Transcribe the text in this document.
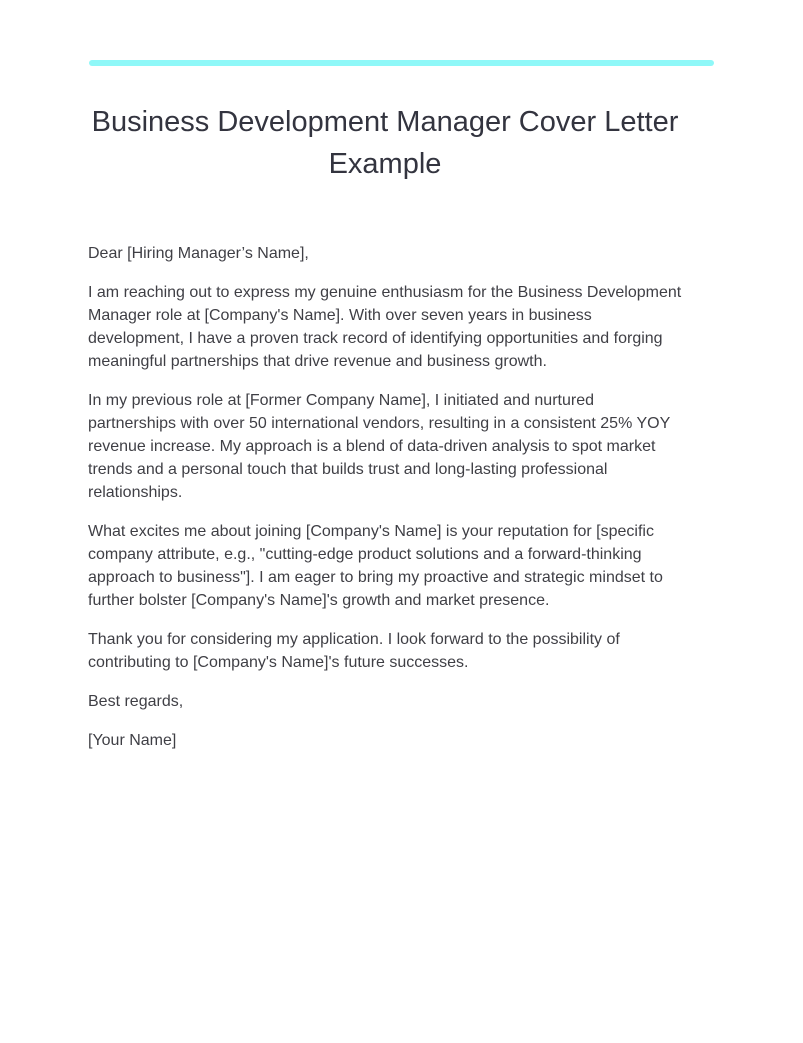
Business Development Manager Cover Letter
Example

Dear [Hiring Manager’s Name],

I am reaching out to express my genuine enthusiasm for the Business Development
Manager role at [Company's Name]. With over seven years in business
development, I have a proven track record of identifying opportunities and forging
meaningful partnerships that drive revenue and business growth.

In my previous role at [Former Company Name], I initiated and nurtured
partnerships with over 50 international vendors, resulting in a consistent 25% YOY
revenue increase. My approach is a blend of data-driven analysis to spot market
trends and a personal touch that builds trust and long-lasting professional
relationships.

What excites me about joining [Company's Name] is your reputation for [specific
company attribute, e.g., "cutting-edge product solutions and a forward-thinking
approach to business"]. I am eager to bring my proactive and strategic mindset to
further bolster [Company's Name]'s growth and market presence.

Thank you for considering my application. I look forward to the possibility of
contributing to [Company's Name]'s future successes.

Best regards,

[Your Name]
